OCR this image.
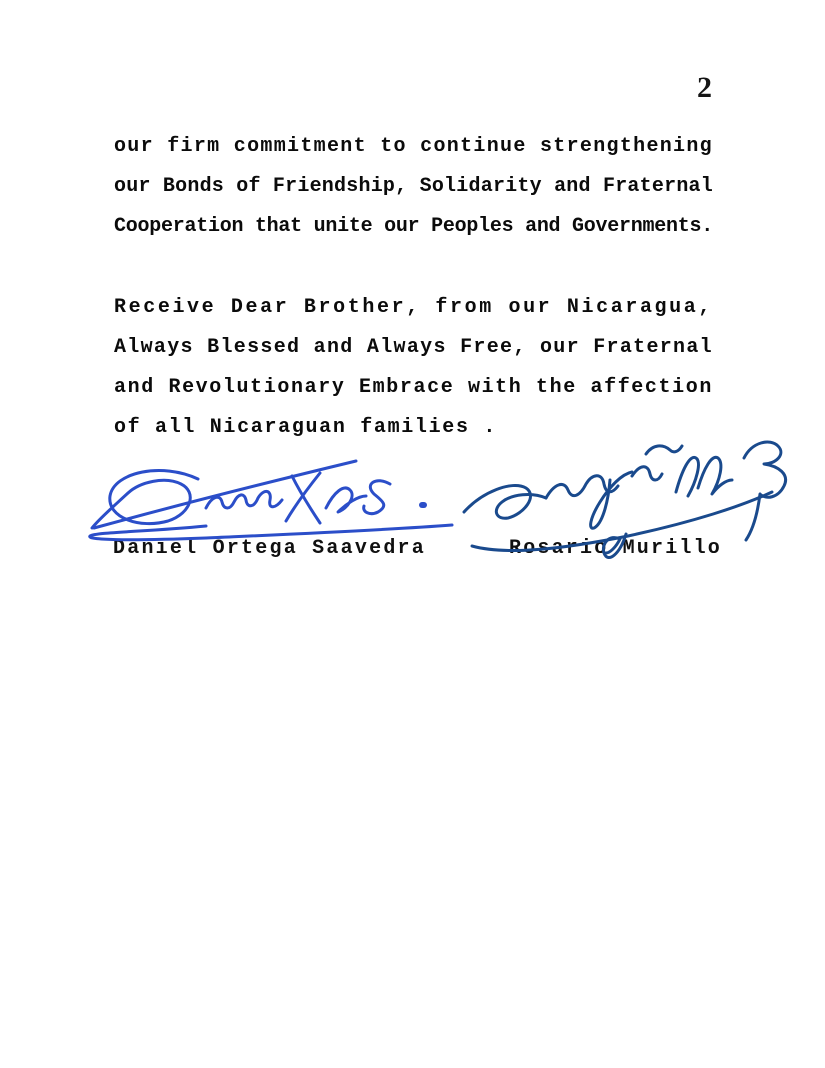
2
our firm commitment to continue strengthening
our Bonds of Friendship, Solidarity and Fraternal
Cooperation that unite our Peoples and Governments.
Receive Dear Brother, from our Nicaragua,
Always Blessed and Always Free, our Fraternal
and Revolutionary Embrace with the affection
of all Nicaraguan families .
Daniel Ortega Saavedra	Rosario Murillo
